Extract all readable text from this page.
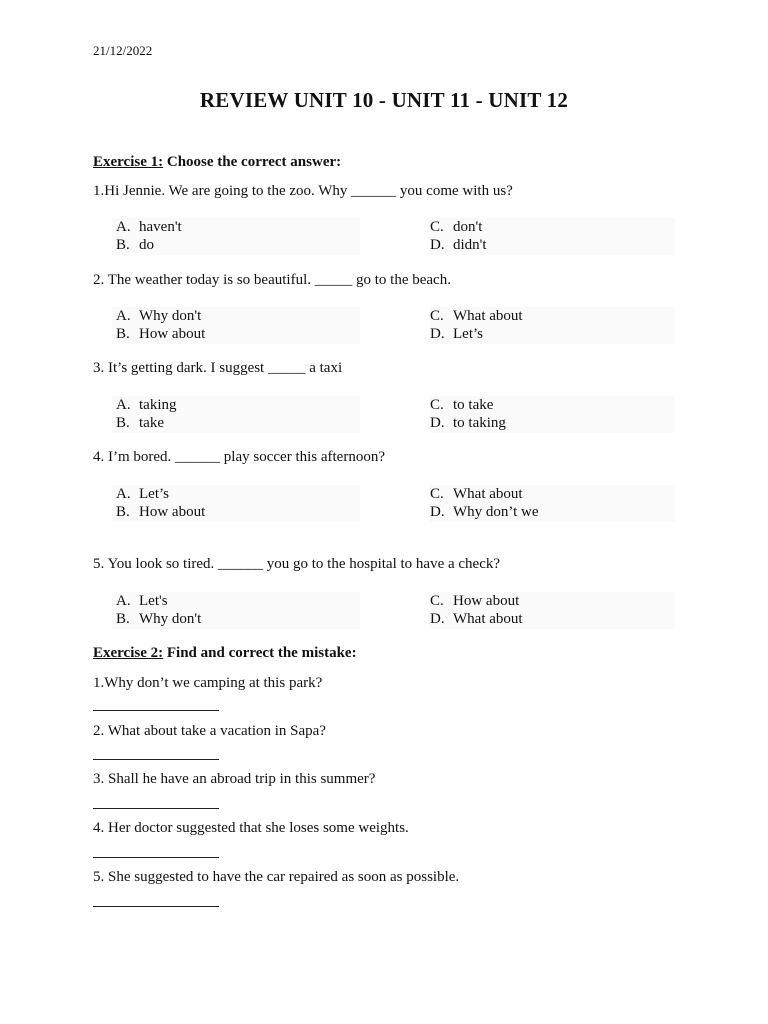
21/12/2022
REVIEW UNIT 10 - UNIT 11 - UNIT 12
Exercise 1: Choose the correct answer:
1.Hi Jennie. We are going to the zoo. Why ______ you come with us?
A. haven't
B. do
C. don't
D. didn't
2. The weather today is so beautiful. _____ go to the beach.
A. Why don't
B. How about
C. What about
D. Let’s
3. It’s getting dark. I suggest _____ a taxi
A. taking
B. take
C. to take
D. to taking
4. I’m bored. ______ play soccer this afternoon?
A. Let’s
B. How about
C. What about
D. Why don’t we
5. You look so tired. ______ you go to the hospital to have a check?
A. Let's
B. Why don't
C. How about
D. What about
Exercise 2: Find and correct the mistake:
1.Why don’t we camping at this park?
2. What about take a vacation in Sapa?
3. Shall he have an abroad trip in this summer?
4. Her doctor suggested that she loses some weights.
5. She suggested to have the car repaired as soon as possible.
